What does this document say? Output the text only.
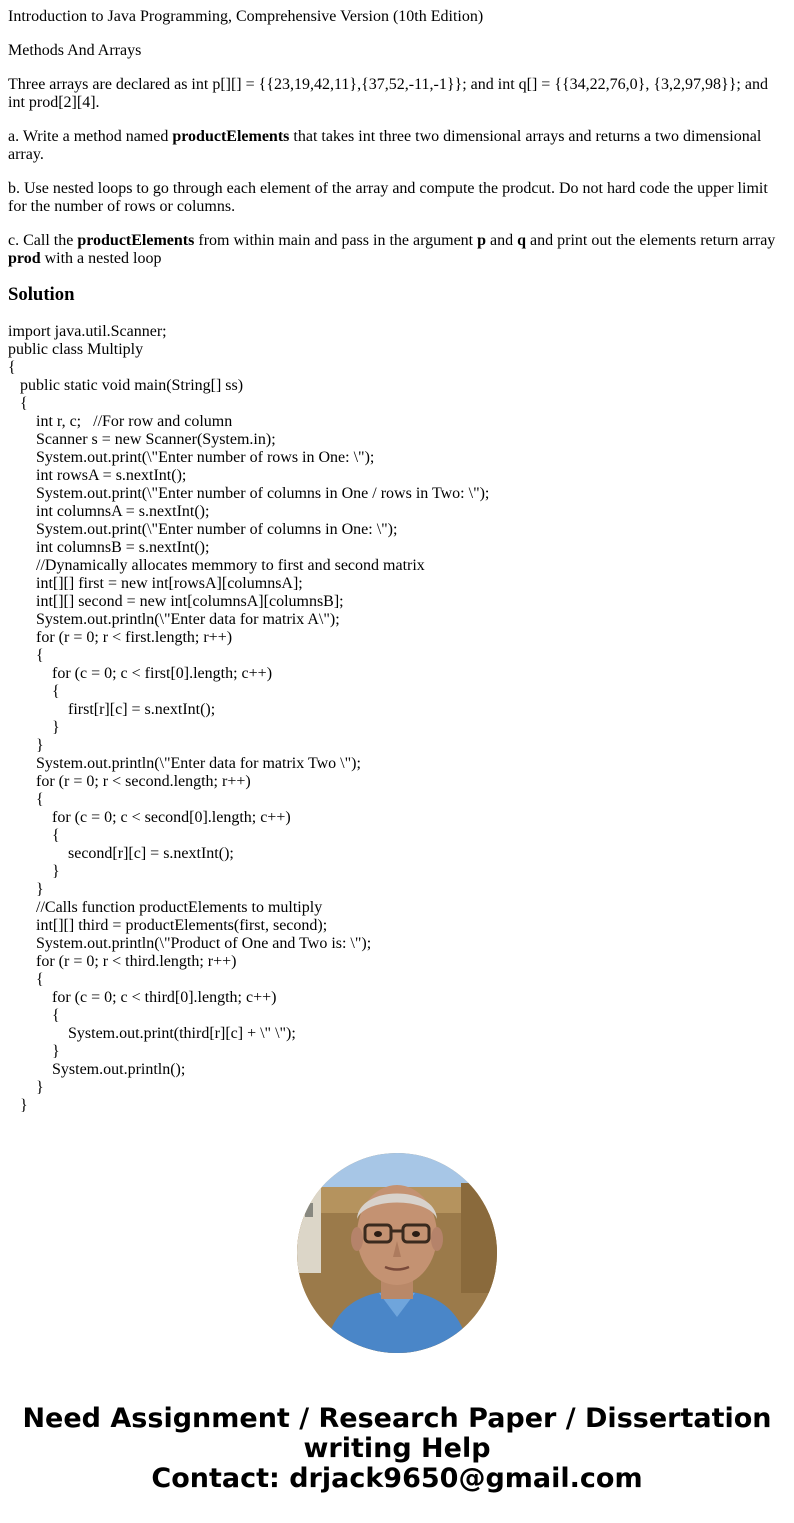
Introduction to Java Programming, Comprehensive Version (10th Edition)

Methods And Arrays

Three arrays are declared as int p[][] = {{23,19,42,11},{37,52,-11,-1}}; and int q[] = {{34,22,76,0}, {3,2,97,98}}; and int prod[2][4].

a. Write a method named productElements that takes int three two dimensional arrays and returns a two dimensional array.

b. Use nested loops to go through each element of the array and compute the prodcut. Do not hard code the upper limit for the number of rows or columns.

c. Call the productElements from within main and pass in the argument p and q and print out the elements return array prod with a nested loop

Solution
import java.util.Scanner;
public class Multiply
{
public static void main(String[] ss)
{
int r, c;   //For row and column
Scanner s = new Scanner(System.in);
System.out.print(\"Enter number of rows in One: \");
int rowsA = s.nextInt();
System.out.print(\"Enter number of columns in One / rows in Two: \");
int columnsA = s.nextInt();
System.out.print(\"Enter number of columns in One: \");
int columnsB = s.nextInt();
//Dynamically allocates memmory to first and second matrix
int[][] first = new int[rowsA][columnsA];
int[][] second = new int[columnsA][columnsB];
System.out.println(\"Enter data for matrix A\");
for (r = 0; r < first.length; r++)
{
for (c = 0; c < first[0].length; c++)
{
first[r][c] = s.nextInt();
}
}
System.out.println(\"Enter data for matrix Two \");
for (r = 0; r < second.length; r++)
{
for (c = 0; c < second[0].length; c++)
{
second[r][c] = s.nextInt();
}
}
//Calls function productElements to multiply
int[][] third = productElements(first, second);
System.out.println(\"Product of One and Two is: \");
for (r = 0; r < third.length; r++)
{
for (c = 0; c < third[0].length; c++)
{
System.out.print(third[r][c] + \" \");
}
System.out.println();
}
}
Need Assignment / Research Paper / Dissertation
writing Help
Contact: drjack9650@gmail.com
